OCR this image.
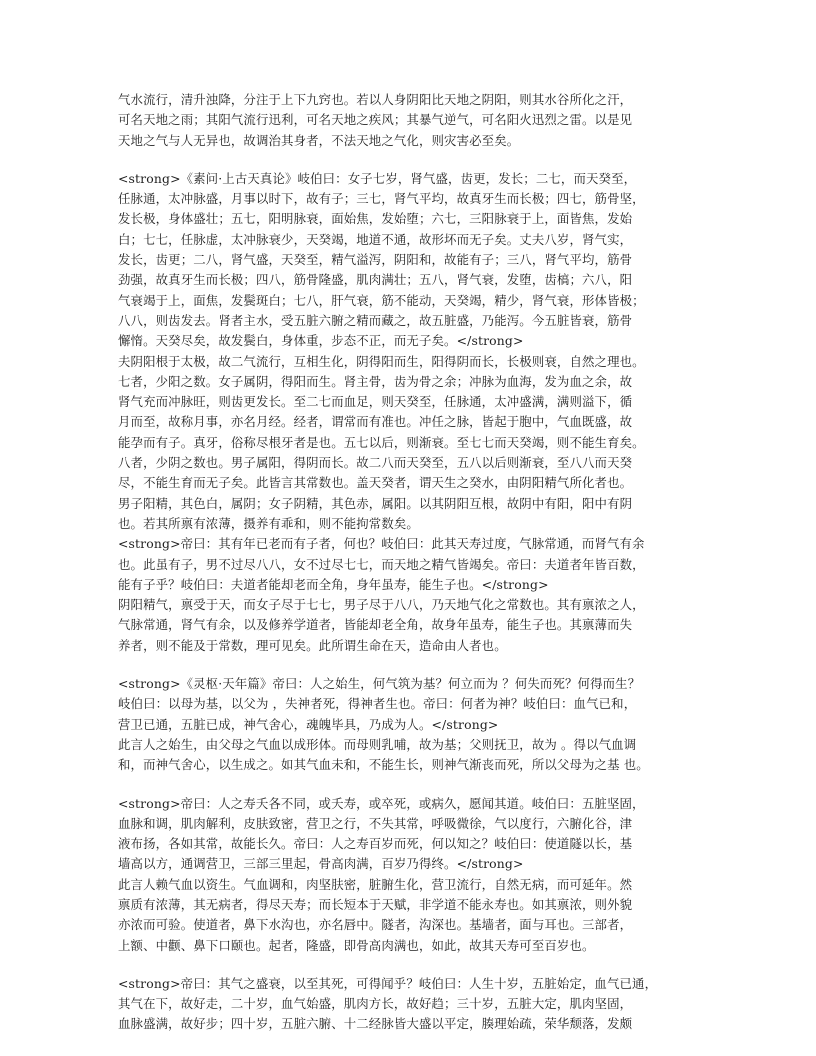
气水流行，清升浊降，分注于上下九窍也。若以人身阴阳比天地之阴阳，则其水谷所化之汗，
可名天地之雨；其阳气流行迅利，可名天地之疾风；其暴气逆气，可名阳火迅烈之雷。以是见
天地之气与人无异也，故调治其身者，不法天地之气化，则灾害必至矣。
<strong>《素问·上古天真论》岐伯曰：女子七岁，肾气盛，齿更，发长；二七，而天癸至，
任脉通，太冲脉盛，月事以时下，故有子；三七，肾气平均，故真牙生而长极；四七，筋骨坚，
发长极，身体盛壮；五七，阳明脉衰，面始焦，发始堕；六七，三阳脉衰于上，面皆焦，发始
白；七七，任脉虚，太冲脉衰少，天癸竭，地道不通，故形坏而无子矣。丈夫八岁，肾气实，
发长，齿更；二八，肾气盛，天癸至，精气溢泻，阴阳和，故能有子；三八，肾气平均，筋骨
劲强，故真牙生而长极；四八，筋骨隆盛，肌肉满壮；五八，肾气衰，发堕，齿槁；六八，阳
气衰竭于上，面焦，发鬓斑白；七八，肝气衰，筋不能动，天癸竭，精少，肾气衰，形体皆极；
八八，则齿发去。肾者主水，受五脏六腑之精而藏之，故五脏盛，乃能泻。今五脏皆衰，筋骨
懈惰。天癸尽矣，故发鬓白，身体重，步态不正，而无子矣。</strong>
夫阴阳根于太极，故二气流行，互相生化，阴得阳而生，阳得阴而长，长极则衰，自然之理也。
七者，少阳之数。女子属阴，得阳而生。肾主骨，齿为骨之余；冲脉为血海，发为血之余，故
肾气充而冲脉旺，则齿更发长。至二七而血足，则天癸至，任脉通，太冲盛满，满则溢下，循
月而至，故称月事，亦名月经。经者，谓常而有准也。冲任之脉，皆起于胞中，气血既盛，故
能孕而有子。真牙，俗称尽根牙者是也。五七以后，则渐衰。至七七而天癸竭，则不能生育矣。
八者，少阴之数也。男子属阳，得阴而长。故二八而天癸至，五八以后则渐衰，至八八而天癸
尽，不能生育而无子矣。此皆言其常数也。盖天癸者，谓天生之癸水，由阴阳精气所化者也。
男子阳精，其色白，属阴；女子阴精，其色赤，属阳。以其阴阳互根，故阴中有阳，阳中有阴
也。若其所禀有浓薄，摄养有乖和，则不能拘常数矣。
<strong>帝曰：其有年已老而有子者，何也？岐伯曰：此其天寿过度，气脉常通，而肾气有余
也。此虽有子，男不过尽八八，女不过尽七七，而天地之精气皆竭矣。帝曰：夫道者年皆百数，
能有子乎？岐伯曰：夫道者能却老而全角，身年虽寿，能生子也。</strong>
阴阳精气，禀受于天，而女子尽于七七，男子尽于八八，乃天地气化之常数也。其有禀浓之人，
气脉常通，肾气有余，以及修养学道者，皆能却老全角，故身年虽寿，能生子也。其禀薄而失
养者，则不能及于常数，理可见矣。此所谓生命在天，造命由人者也。
<strong>《灵枢·天年篇》帝曰：人之始生，何气筑为基？何立而为 ？何失而死？何得而生？
岐伯曰：以母为基，以父为 ，失神者死，得神者生也。帝曰：何者为神？岐伯曰：血气已和，
营卫已通，五脏已成，神气舍心，魂魄毕具，乃成为人。</strong>
此言人之始生，由父母之气血以成形体。而母则乳哺，故为基；父则抚卫，故为 。得以气血调
和，而神气舍心，以生成之。如其气血未和，不能生长，则神气渐丧而死，所以父母为之基 也。
<strong>帝曰：人之寿夭各不同，或夭寿，或卒死，或病久，愿闻其道。岐伯曰：五脏坚固，
血脉和调，肌肉解利，皮肤致密，营卫之行，不失其常，呼吸微徐，气以度行，六腑化谷，津
液布扬，各如其常，故能长久。帝曰：人之寿百岁而死，何以知之？岐伯曰：使道隧以长，基
墙高以方，通调营卫，三部三里起，骨高肉满，百岁乃得终。</strong>
此言人赖气血以资生。气血调和，肉坚肤密，脏腑生化，营卫流行，自然无病，而可延年。然
禀质有浓薄，其无病者，得尽天寿；而长短本于天赋，非学道不能永寿也。如其禀浓，则外貌
亦浓而可验。使道者，鼻下水沟也，亦名唇中。隧者，沟深也。基墙者，面与耳也。三部者，
上额、中颧、鼻下口颐也。起者，隆盛，即骨高肉满也，如此，故其天寿可至百岁也。
<strong>帝曰：其气之盛衰，以至其死，可得闻乎？岐伯曰：人生十岁，五脏始定，血气已通，
其气在下，故好走，二十岁，血气始盛，肌肉方长，故好趋；三十岁，五脏大定，肌肉坚固，
血脉盛满，故好步；四十岁，五脏六腑、十二经脉皆大盛以平定，腠理始疏，荣华颓落，发颇
